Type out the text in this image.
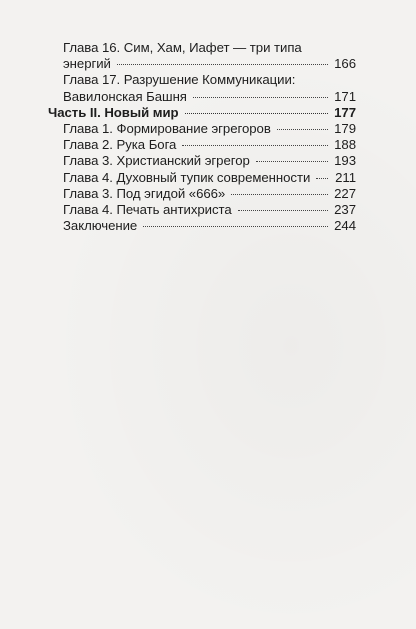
Глава 16. Сим, Хам, Иафет — три типа
энергий	166
Глава 17. Разрушение Коммуникации:
Вавилонская Башня	171
Часть II. Новый мир	177
Глава 1. Формирование эгрегоров	179
Глава 2. Рука Бога	188
Глава 3. Христианский эгрегор	193
Глава 4. Духовный тупик современности 211
Глава 3. Под эгидой «666»	227
Глава 4. Печать антихриста	237
Заключение	244
